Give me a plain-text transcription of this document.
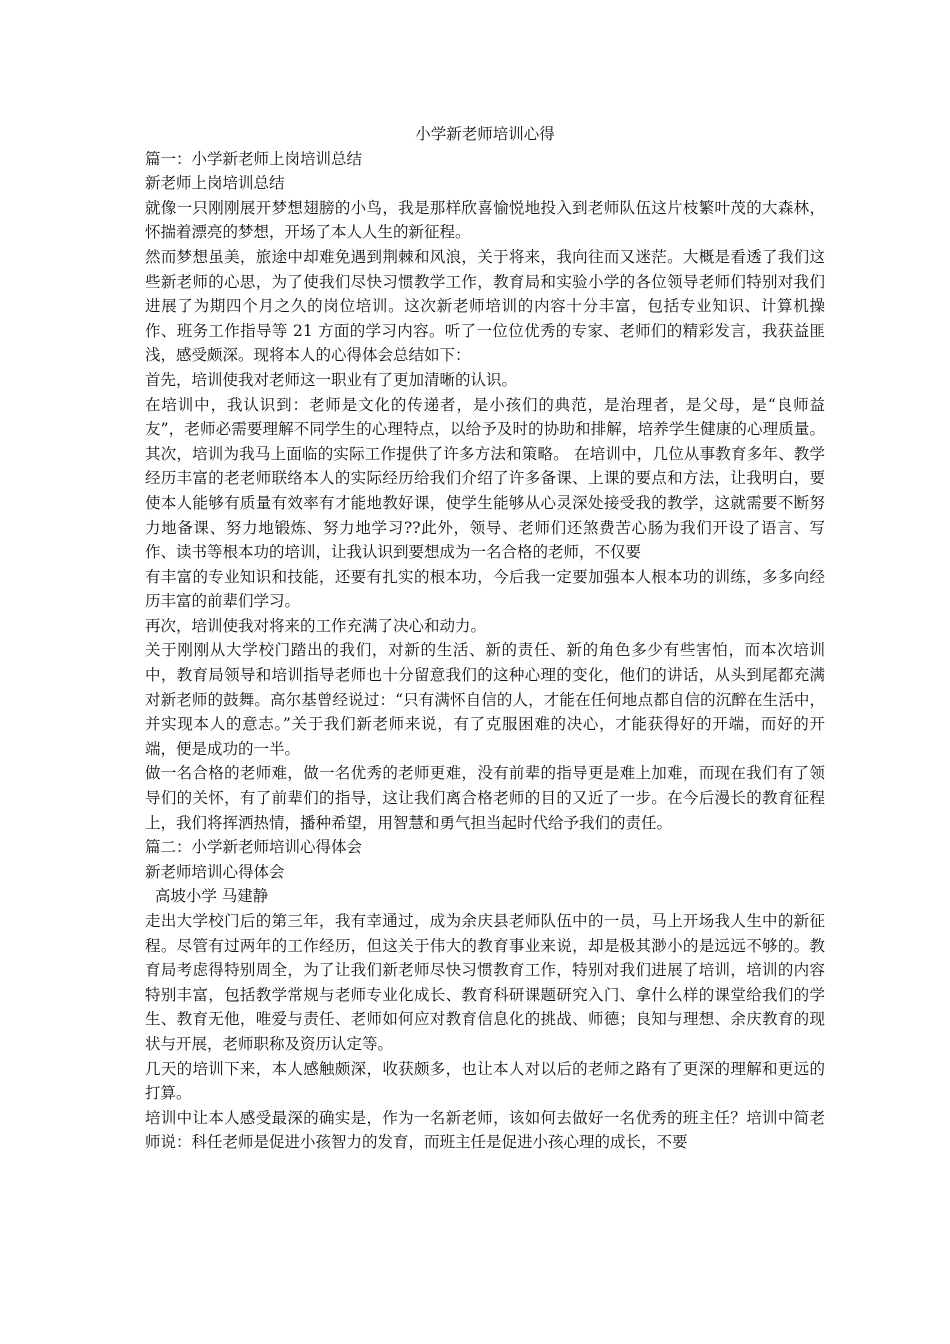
小学新老师培训心得

篇一：小学新老师上岗培训总结

新老师上岗培训总结

就像一只刚刚展开梦想翅膀的小鸟，我是那样欣喜愉悦地投入到老师队伍这片枝繁叶茂的大森林，怀揣着漂亮的梦想，开场了本人人生的新征程。

然而梦想虽美，旅途中却难免遇到荆棘和风浪，关于将来，我向往而又迷茫。大概是看透了我们这些新老师的心思，为了使我们尽快习惯教学工作，教育局和实验小学的各位领导老师们特别对我们进展了为期四个月之久的岗位培训。这次新老师培训的内容十分丰富，包括专业知识、计算机操作、班务工作指导等 21 方面的学习内容。听了一位位优秀的专家、老师们的精彩发言，我获益匪浅，感受颇深。现将本人的心得体会总结如下：

首先，培训使我对老师这一职业有了更加清晰的认识。

在培训中，我认识到：老师是文化的传递者，是小孩们的典范，是治理者，是父母，是“良师益友”，老师必需要理解不同学生的心理特点，以给予及时的协助和排解，培养学生健康的心理质量。 其次，培训为我马上面临的实际工作提供了许多方法和策略。 在培训中，几位从事教育多年、教学经历丰富的老老师联络本人的实际经历给我们介绍了许多备课、上课的要点和方法，让我明白，要使本人能够有质量有效率有才能地教好课，使学生能够从心灵深处接受我的教学，这就需要不断努力地备课、努力地锻炼、努力地学习??此外，领导、老师们还煞费苦心肠为我们开设了语言、写作、读书等根本功的培训，让我认识到要想成为一名合格的老师，不仅要

有丰富的专业知识和技能，还要有扎实的根本功，今后我一定要加强本人根本功的训练，多多向经历丰富的前辈们学习。

再次，培训使我对将来的工作充满了决心和动力。

关于刚刚从大学校门踏出的我们，对新的生活、新的责任、新的角色多少有些害怕，而本次培训中，教育局领导和培训指导老师也十分留意我们的这种心理的变化，他们的讲话，从头到尾都充满对新老师的鼓舞。高尔基曾经说过：“只有满怀自信的人，才能在任何地点都自信的沉醉在生活中，并实现本人的意志。”关于我们新老师来说，有了克服困难的决心，才能获得好的开端，而好的开端，便是成功的一半。

做一名合格的老师难，做一名优秀的老师更难，没有前辈的指导更是难上加难，而现在我们有了领导们的关怀，有了前辈们的指导，这让我们离合格老师的目的又近了一步。在今后漫长的教育征程上，我们将挥洒热情，播种希望，用智慧和勇气担当起时代给予我们的责任。

篇二：小学新老师培训心得体会

新老师培训心得体会

高坡小学 马建静

走出大学校门后的第三年，我有幸通过，成为余庆县老师队伍中的一员，马上开场我人生中的新征程。尽管有过两年的工作经历，但这关于伟大的教育事业来说，却是极其渺小的是远远不够的。教育局考虑得特别周全，为了让我们新老师尽快习惯教育工作，特别对我们进展了培训，培训的内容特别丰富，包括教学常规与老师专业化成长、教育科研课题研究入门、拿什么样的课堂给我们的学生、教育无他，唯爱与责任、老师如何应对教育信息化的挑战、师德；良知与理想、余庆教育的现状与开展，老师职称及资历认定等。

几天的培训下来，本人感触颇深，收获颇多，也让本人对以后的老师之路有了更深的理解和更远的打算。

培训中让本人感受最深的确实是，作为一名新老师，该如何去做好一名优秀的班主任？培训中简老师说：科任老师是促进小孩智力的发育，而班主任是促进小孩心理的成长，不要
